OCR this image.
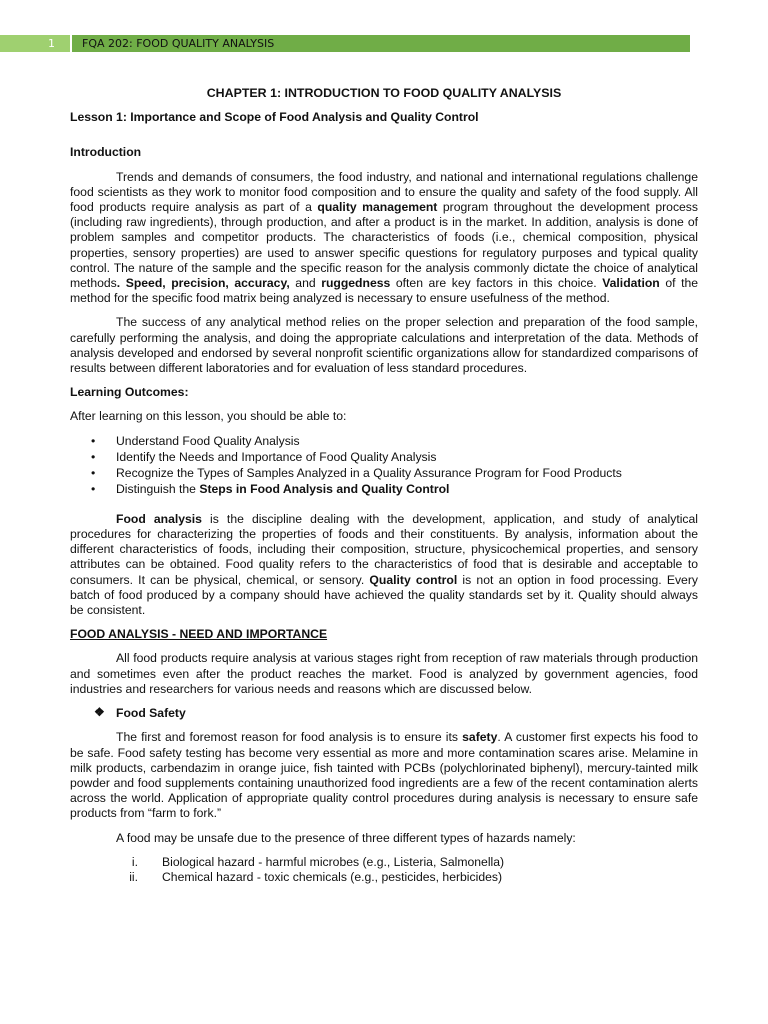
1	FQA 202: FOOD QUALITY ANALYSIS
CHAPTER 1: INTRODUCTION TO FOOD QUALITY ANALYSIS
Lesson 1: Importance and Scope of Food Analysis and Quality Control
Introduction

Trends and demands of consumers, the food industry, and national and international regulations challenge food scientists as they work to monitor food composition and to ensure the quality and safety of the food supply. All food products require analysis as part of a quality management program throughout the development process (including raw ingredients), through production, and after a product is in the market. In addition, analysis is done of problem samples and competitor products. The characteristics of foods (i.e., chemical composition, physical properties, sensory properties) are used to answer specific questions for regulatory purposes and typical quality control. The nature of the sample and the specific reason for the analysis commonly dictate the choice of analytical methods. Speed, precision, accuracy, and ruggedness often are key factors in this choice. Validation of the method for the specific food matrix being analyzed is necessary to ensure usefulness of the method.

The success of any analytical method relies on the proper selection and preparation of the food sample, carefully performing the analysis, and doing the appropriate calculations and interpretation of the data. Methods of analysis developed and endorsed by several nonprofit scientific organizations allow for standardized comparisons of results between different laboratories and for evaluation of less standard procedures.

Learning Outcomes:

After learning on this lesson, you should be able to:

• Understand Food Quality Analysis
• Identify the Needs and Importance of Food Quality Analysis
• Recognize the Types of Samples Analyzed in a Quality Assurance Program for Food Products
• Distinguish the Steps in Food Analysis and Quality Control

Food analysis is the discipline dealing with the development, application, and study of analytical procedures for characterizing the properties of foods and their constituents. By analysis, information about the different characteristics of foods, including their composition, structure, physicochemical properties, and sensory attributes can be obtained. Food quality refers to the characteristics of food that is desirable and acceptable to consumers. It can be physical, chemical, or sensory. Quality control is not an option in food processing. Every batch of food produced by a company should have achieved the quality standards set by it. Quality should always be consistent.

FOOD ANALYSIS - NEED AND IMPORTANCE

All food products require analysis at various stages right from reception of raw materials through production and sometimes even after the product reaches the market. Food is analyzed by government agencies, food industries and researchers for various needs and reasons which are discussed below.

❖ Food Safety

The first and foremost reason for food analysis is to ensure its safety. A customer first expects his food to be safe. Food safety testing has become very essential as more and more contamination scares arise. Melamine in milk products, carbendazim in orange juice, fish tainted with PCBs (polychlorinated biphenyl), mercury-tainted milk powder and food supplements containing unauthorized food ingredients are a few of the recent contamination alerts across the world. Application of appropriate quality control procedures during analysis is necessary to ensure safe products from “farm to fork.”

A food may be unsafe due to the presence of three different types of hazards namely:

i. Biological hazard - harmful microbes (e.g., Listeria, Salmonella)
ii. Chemical hazard - toxic chemicals (e.g., pesticides, herbicides)
